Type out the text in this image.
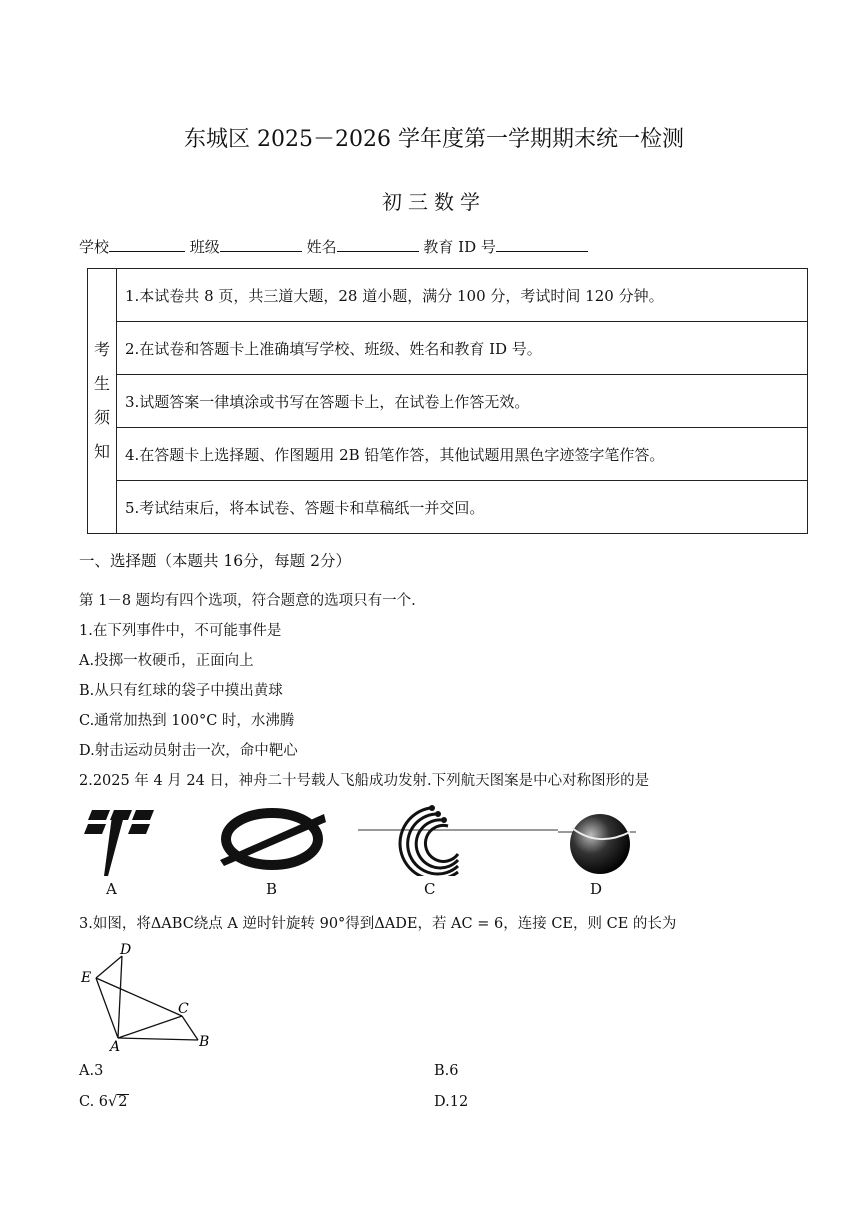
东城区 2025－2026 学年度第一学期期末统一检测
初三数学
学校	班级	姓名	教育 ID 号
考
生
须
知
	1.本试卷共 8 页，共三道大题，28 道小题，满分 100 分，考试时间 120 分钟。
2.在试卷和答题卡上准确填写学校、班级、姓名和教育 ID 号。
3.试题答案一律填涂或书写在答题卡上，在试卷上作答无效。
4.在答题卡上选择题、作图题用 2B 铅笔作答，其他试题用黑色字迹签字笔作答。
5.考试结束后，将本试卷、答题卡和草稿纸一并交回。
一、选择题（本题共 16分，每题 2分）
第 1－8 题均有四个选项，符合题意的选项只有一个.
1.在下列事件中，不可能事件是
A.投掷一枚硬币，正面向上
B.从只有红球的袋子中摸出黄球
C.通常加热到 100°C 时，水沸腾
D.射击运动员射击一次，命中靶心
2.2025 年 4 月 24 日，神舟二十号载人飞船成功发射.下列航天图案是中心对称图形的是
A	B	C	D
3.如图，将ΔABC绕点 A 逆时针旋转 90°得到ΔADE，若 AC = 6，连接 CE，则 CE 的长为
D
E
C
A	B
A.3	B.6
C. 6√2	D.12
